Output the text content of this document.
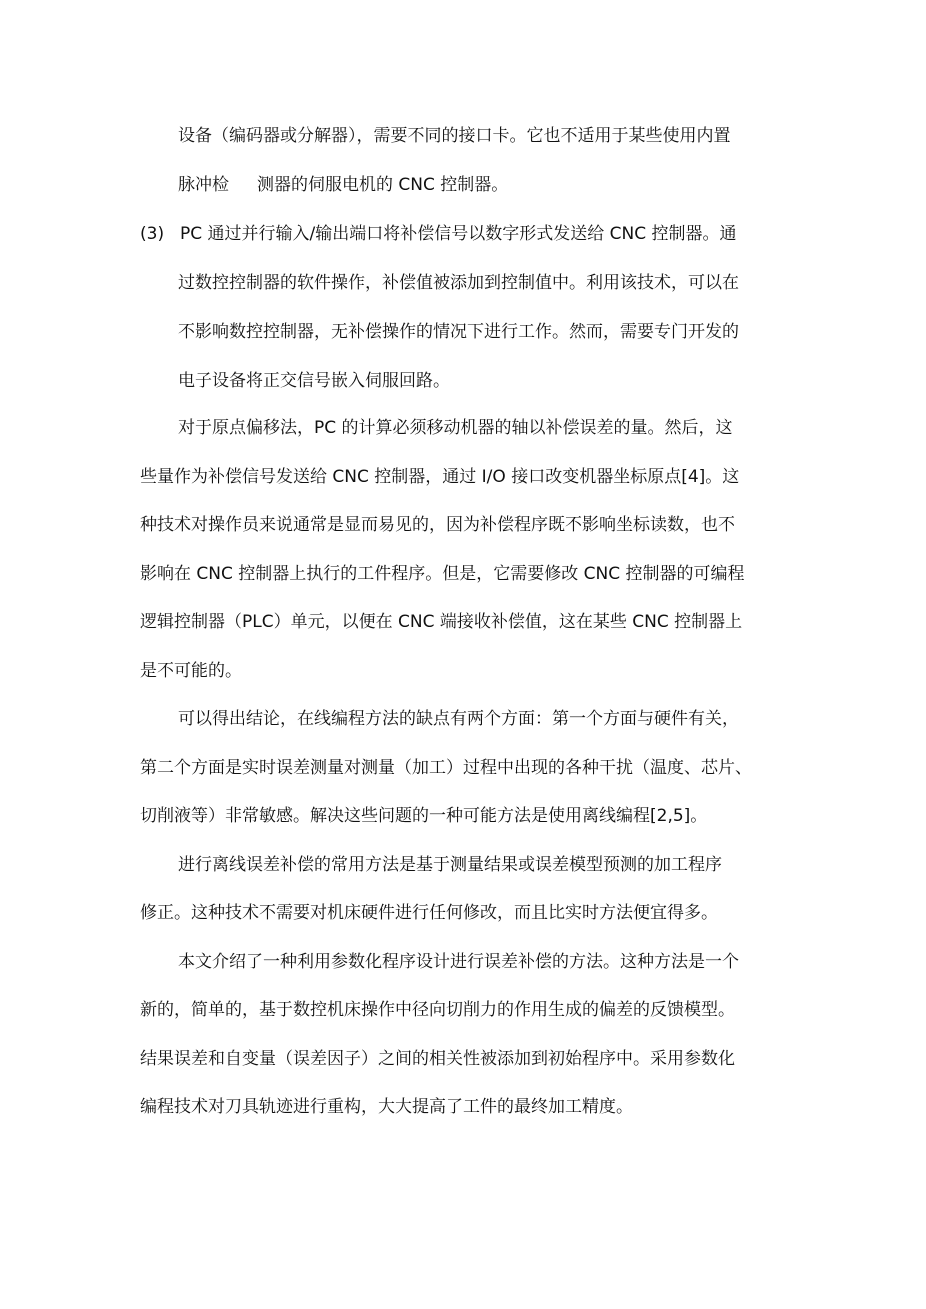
设备（编码器或分解器），需要不同的接口卡。它也不适用于某些使用内置
脉冲检 测器的伺服电机的 CNC 控制器。
(3) PC 通过并行输入/输出端口将补偿信号以数字形式发送给 CNC 控制器。通
过数控控制器的软件操作，补偿值被添加到控制值中。利用该技术，可以在
不影响数控控制器，无补偿操作的情况下进行工作。然而，需要专门开发的
电子设备将正交信号嵌入伺服回路。
对于原点偏移法，PC 的计算必须移动机器的轴以补偿误差的量。然后，这
些量作为补偿信号发送给 CNC 控制器，通过 I/O 接口改变机器坐标原点[4]。这
种技术对操作员来说通常是显而易见的，因为补偿程序既不影响坐标读数，也不
影响在 CNC 控制器上执行的工件程序。但是，它需要修改 CNC 控制器的可编程
逻辑控制器（PLC）单元，以便在 CNC 端接收补偿值，这在某些 CNC 控制器上
是不可能的。
可以得出结论，在线编程方法的缺点有两个方面：第一个方面与硬件有关，
第二个方面是实时误差测量对测量（加工）过程中出现的各种干扰（温度、芯片、
切削液等）非常敏感。解决这些问题的一种可能方法是使用离线编程[2,5]。
进行离线误差补偿的常用方法是基于测量结果或误差模型预测的加工程序
修正。这种技术不需要对机床硬件进行任何修改，而且比实时方法便宜得多。
本文介绍了一种利用参数化程序设计进行误差补偿的方法。这种方法是一个
新的，简单的，基于数控机床操作中径向切削力的作用生成的偏差的反馈模型。
结果误差和自变量（误差因子）之间的相关性被添加到初始程序中。采用参数化
编程技术对刀具轨迹进行重构，大大提高了工件的最终加工精度。
